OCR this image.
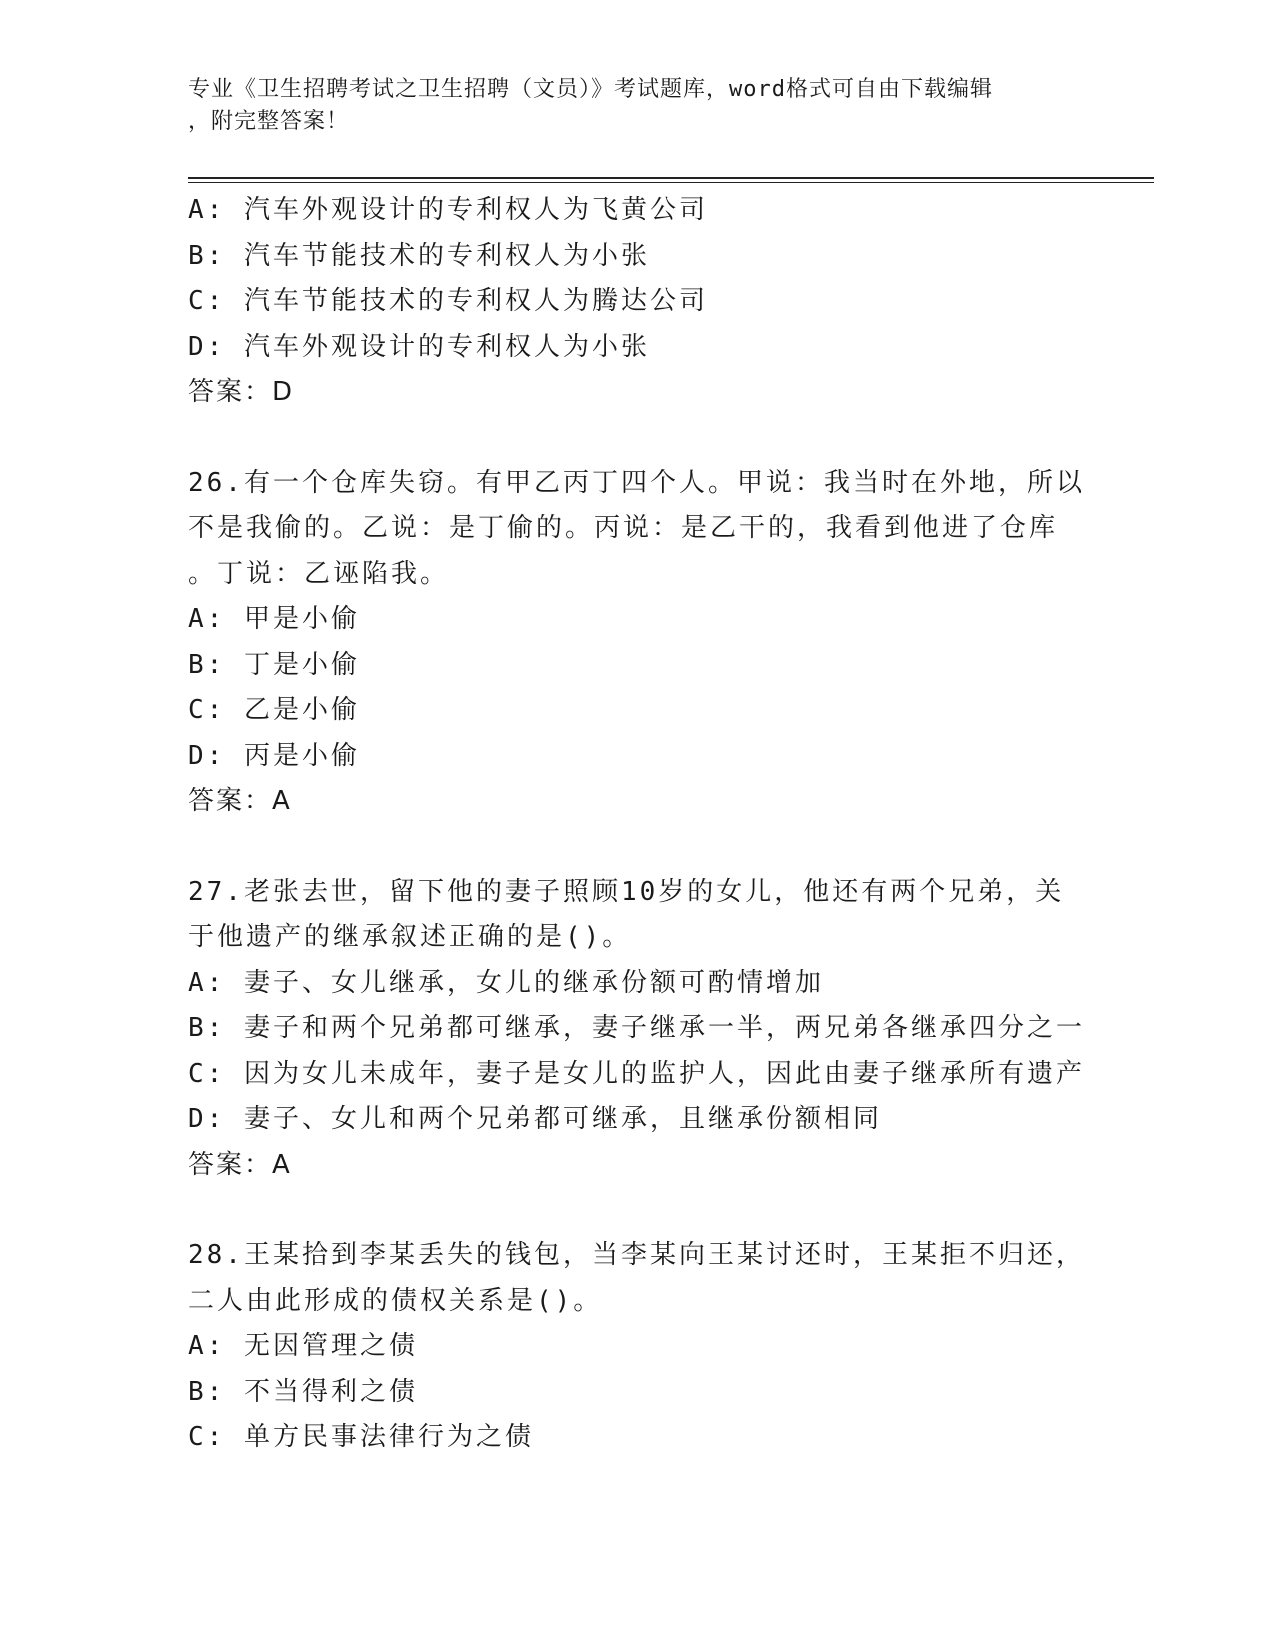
专业《卫生招聘考试之卫生招聘（文员）》考试题库，word格式可自由下载编辑
，附完整答案！
A: 汽车外观设计的专利权人为飞黄公司
B: 汽车节能技术的专利权人为小张
C: 汽车节能技术的专利权人为腾达公司
D: 汽车外观设计的专利权人为小张
答案：D
26.有一个仓库失窃。有甲乙丙丁四个人。甲说：我当时在外地，所以
不是我偷的。乙说：是丁偷的。丙说：是乙干的，我看到他进了仓库
。丁说：乙诬陷我。
A: 甲是小偷
B: 丁是小偷
C: 乙是小偷
D: 丙是小偷
答案：A
27.老张去世，留下他的妻子照顾10岁的女儿，他还有两个兄弟，关
于他遗产的继承叙述正确的是()。
A: 妻子、女儿继承，女儿的继承份额可酌情增加
B: 妻子和两个兄弟都可继承，妻子继承一半，两兄弟各继承四分之一
C: 因为女儿未成年，妻子是女儿的监护人，因此由妻子继承所有遗产
D: 妻子、女儿和两个兄弟都可继承，且继承份额相同
答案：A
28.王某拾到李某丢失的钱包，当李某向王某讨还时，王某拒不归还，
二人由此形成的债权关系是()。
A: 无因管理之债
B: 不当得利之债
C: 单方民事法律行为之债
